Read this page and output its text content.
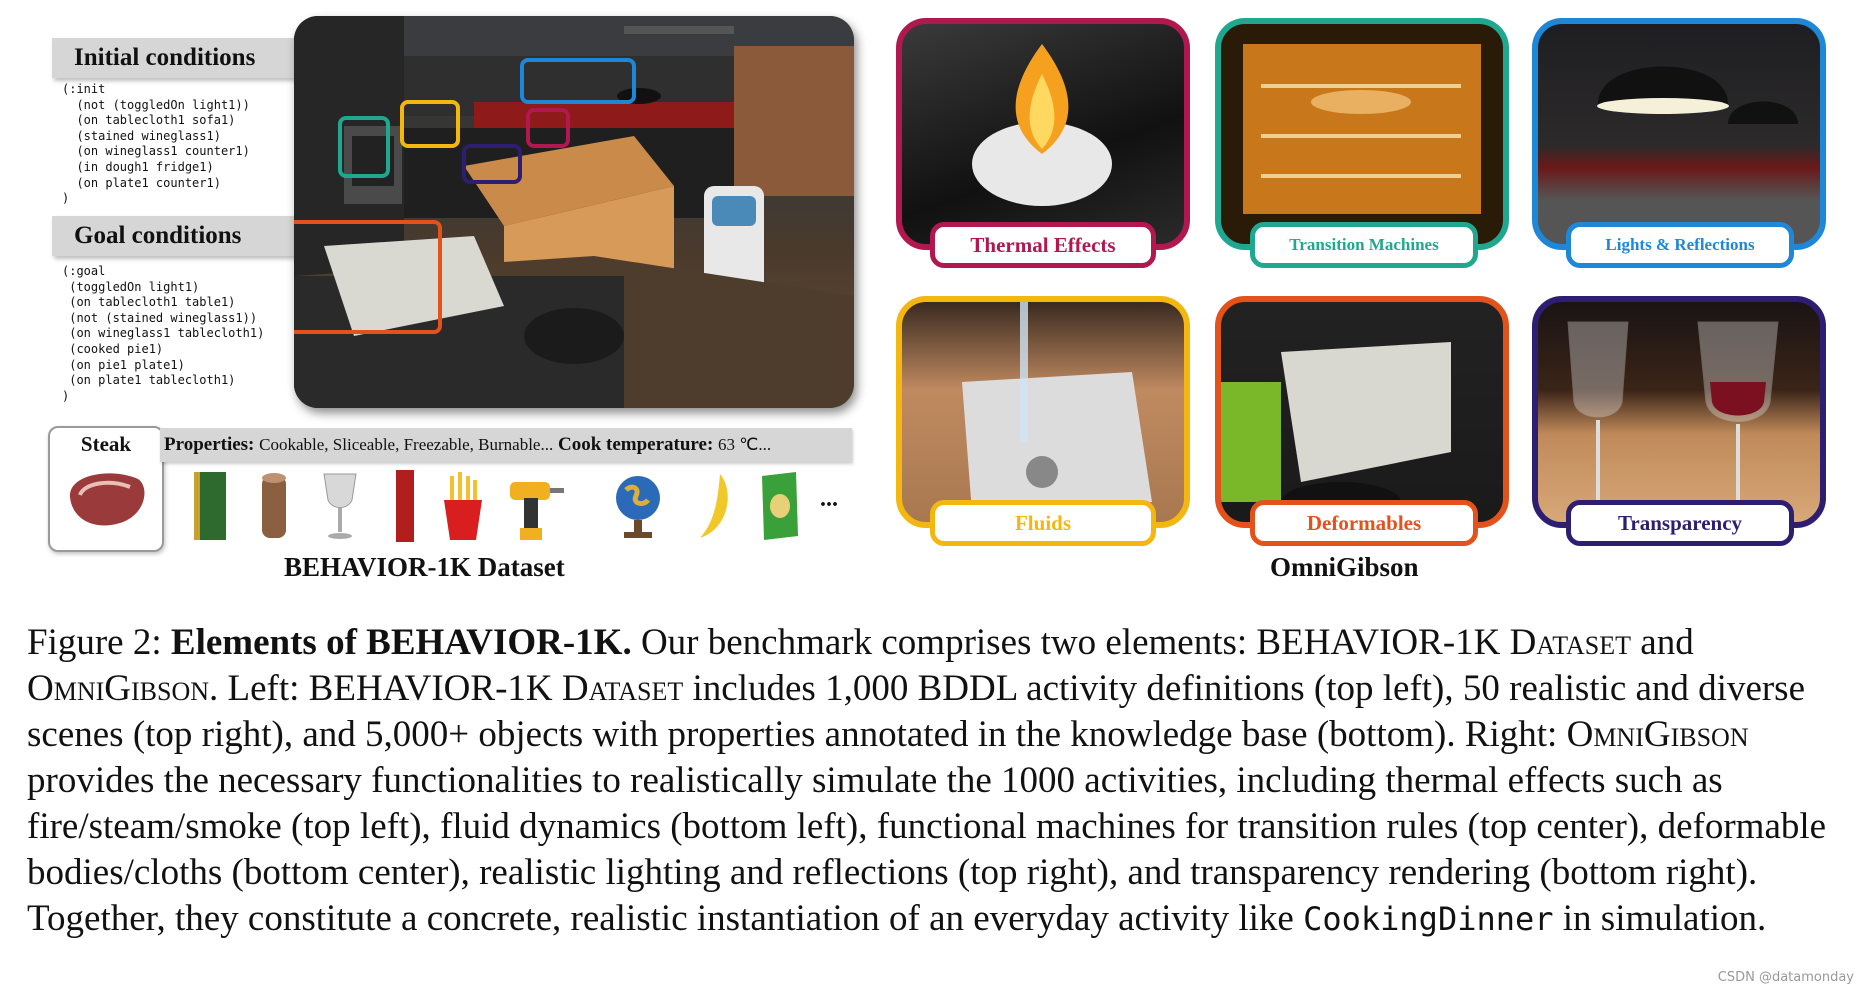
Initial conditions
(:init
(not (toggledOn light1))
(on tablecloth1 sofa1)
(stained wineglass1)
(on wineglass1 counter1)
(in dough1 fridge1)
(on plate1 counter1)
)
Goal conditions
(:goal
(toggledOn light1)
(on tablecloth1 table1)
(not (stained wineglass1))
(on wineglass1 tablecloth1)
(cooked pie1)
(on pie1 plate1)
(on plate1 tablecloth1)
)
Steak	Properties: Cookable, Sliceable, Freezable, Burnable... Cook temperature: 63 ℃...
...
BEHAVIOR-1K Dataset
Thermal Effects	Transition Machines	Lights & Reflections
Fluids	Deformables	Transparency
OmniGibson

Figure 2: Elements of BEHAVIOR-1K. Our benchmark comprises two elements: BEHAVIOR-1K Dataset and OmniGibson. Left: BEHAVIOR-1K Dataset includes 1,000 BDDL activity definitions (top left), 50 realistic and diverse scenes (top right), and 5,000+ objects with properties annotated in the knowledge base (bottom). Right: OmniGibson provides the necessary functionalities to realistically simulate the 1000 activities, including thermal effects such as fire/steam/smoke (top left), fluid dynamics (bottom left), functional machines for transition rules (top center), deformable bodies/cloths (bottom center), realistic lighting and reflections (top right), and transparency rendering (bottom right). Together, they constitute a concrete, realistic instantiation of an everyday activity like CookingDinner in simulation.

CSDN @datamonday
